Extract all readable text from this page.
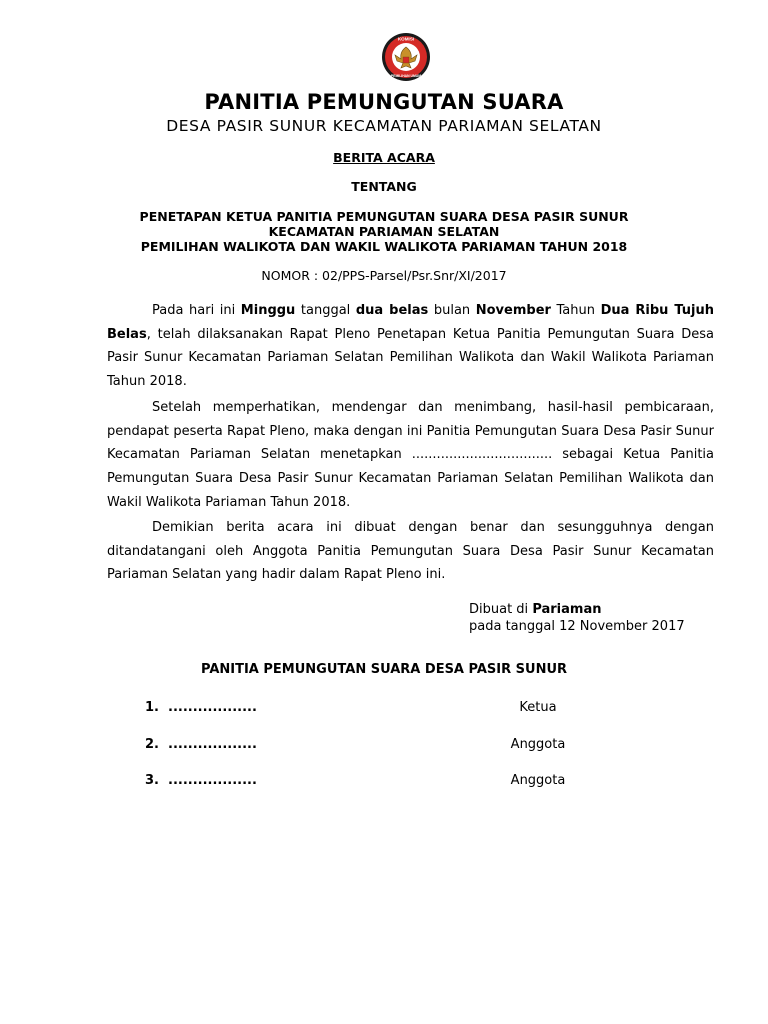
KOMISI
PEMILIHAN UMUM
PANITIA PEMUNGUTAN SUARA
DESA PASIR SUNUR KECAMATAN PARIAMAN SELATAN
BERITA ACARA
TENTANG
PENETAPAN KETUA PANITIA PEMUNGUTAN SUARA DESA PASIR SUNUR
KECAMATAN PARIAMAN SELATAN
PEMILIHAN WALIKOTA DAN WAKIL WALIKOTA PARIAMAN TAHUN 2018
NOMOR : 02/PPS-Parsel/Psr.Snr/XI/2017

Pada hari ini Minggu tanggal dua belas bulan November Tahun Dua Ribu Tujuh Belas, telah dilaksanakan Rapat Pleno Penetapan Ketua Panitia Pemungutan Suara Desa Pasir Sunur Kecamatan Pariaman Selatan Pemilihan Walikota dan Wakil Walikota Pariaman Tahun 2018.

Setelah memperhatikan, mendengar dan menimbang, hasil-hasil pembicaraan, pendapat peserta Rapat Pleno, maka dengan ini Panitia Pemungutan Suara Desa Pasir Sunur Kecamatan Pariaman Selatan menetapkan .................................. sebagai Ketua Panitia Pemungutan Suara Desa Pasir Sunur Kecamatan Pariaman Selatan Pemilihan Walikota dan Wakil Walikota Pariaman Tahun 2018.

Demikian berita acara ini dibuat dengan benar dan sesungguhnya dengan ditandatangani oleh Anggota Panitia Pemungutan Suara Desa Pasir Sunur Kecamatan Pariaman Selatan yang hadir dalam Rapat Pleno ini.

Dibuat di Pariaman
pada tanggal 12 November 2017
PANITIA PEMUNGUTAN SUARA DESA PASIR SUNUR
1. ..................	Ketua
2. ..................	Anggota
3. ..................	Anggota
